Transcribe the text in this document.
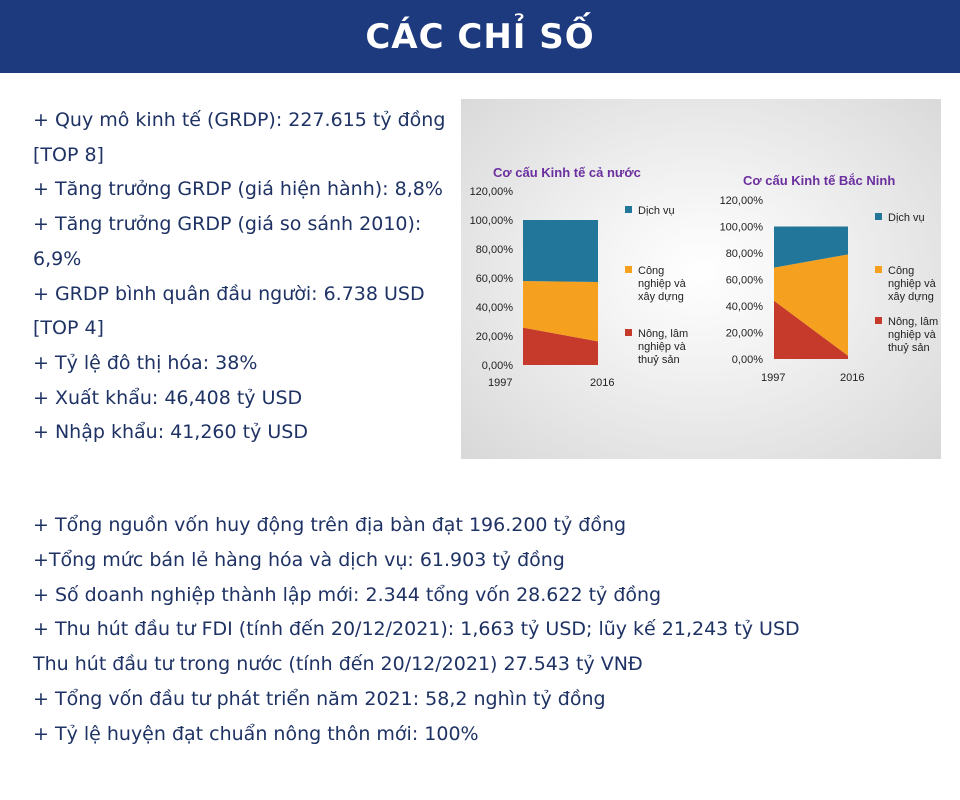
CÁC CHỈ SỐ
+ Quy mô kinh tế (GRDP): 227.615 tỷ đồng
[TOP 8]
+ Tăng trưởng GRDP (giá hiện hành): 8,8%
+ Tăng trưởng GRDP (giá so sánh 2010):
6,9%
+ GRDP bình quân đầu người: 6.738 USD
[TOP 4]
+ Tỷ lệ đô thị hóa: 38%
+ Xuất khẩu: 46,408 tỷ USD
+ Nhập khẩu: 41,260 tỷ USD
Cơ cấu Kinh tế cả nước
0,00%
20,00%
40,00%
60,00%
80,00%
100,00%
120,00%
1997	2016
Dịch vụ
Công
nghiệp và
xây dựng
Nông, lâm
nghiệp và
thuỷ sản
Cơ cấu Kinh tế Bắc Ninh
0,00%
20,00%
40,00%
60,00%
80,00%
100,00%
120,00%
1997	2016
Dịch vụ
Công
nghiệp và
xây dựng
Nông, lâm
nghiệp và
thuỷ sản
+ Tổng nguồn vốn huy động trên địa bàn đạt 196.200 tỷ đồng
+Tổng mức bán lẻ hàng hóa và dịch vụ: 61.903 tỷ đồng
+ Số doanh nghiệp thành lập mới: 2.344 tổng vốn 28.622 tỷ đồng
+ Thu hút đầu tư FDI (tính đến 20/12/2021): 1,663 tỷ USD; lũy kế 21,243 tỷ USD
Thu hút đầu tư trong nước (tính đến 20/12/2021) 27.543 tỷ VNĐ
+ Tổng vốn đầu tư phát triển năm 2021: 58,2 nghìn tỷ đồng
+ Tỷ lệ huyện đạt chuẩn nông thôn mới: 100%
